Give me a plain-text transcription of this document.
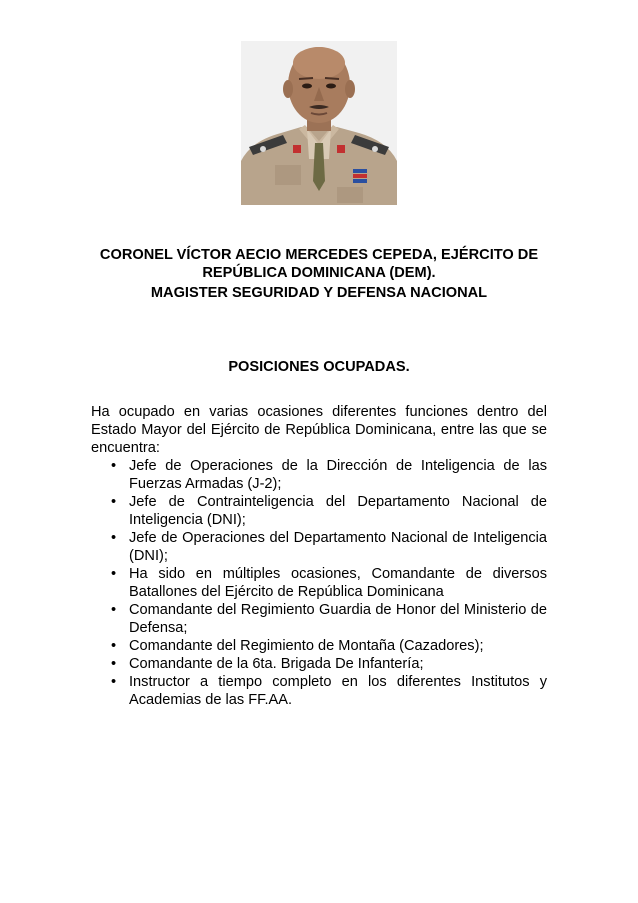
CORONEL VÍCTOR AECIO MERCEDES CEPEDA, EJÉRCITO DE

REPÚBLICA DOMINICANA (DEM).

MAGISTER SEGURIDAD Y DEFENSA NACIONAL

POSICIONES OCUPADAS.

Ha ocupado en varias ocasiones diferentes funciones dentro del Estado Mayor del Ejército de República Dominicana, entre las que se encuentra:

• Jefe de Operaciones de la Dirección de Inteligencia de las Fuerzas Armadas (J-2);
• Jefe de Contrainteligencia del Departamento Nacional de Inteligencia (DNI);
• Jefe de Operaciones del Departamento Nacional de Inteligencia (DNI);
• Ha sido en múltiples ocasiones, Comandante de diversos Batallones del Ejército de República Dominicana
• Comandante del Regimiento Guardia de Honor del Ministerio de Defensa;
• Comandante del Regimiento de Montaña (Cazadores);
• Comandante de la 6ta. Brigada De Infantería;
• Instructor a tiempo completo en los diferentes Institutos y Academias de las FF.AA.
